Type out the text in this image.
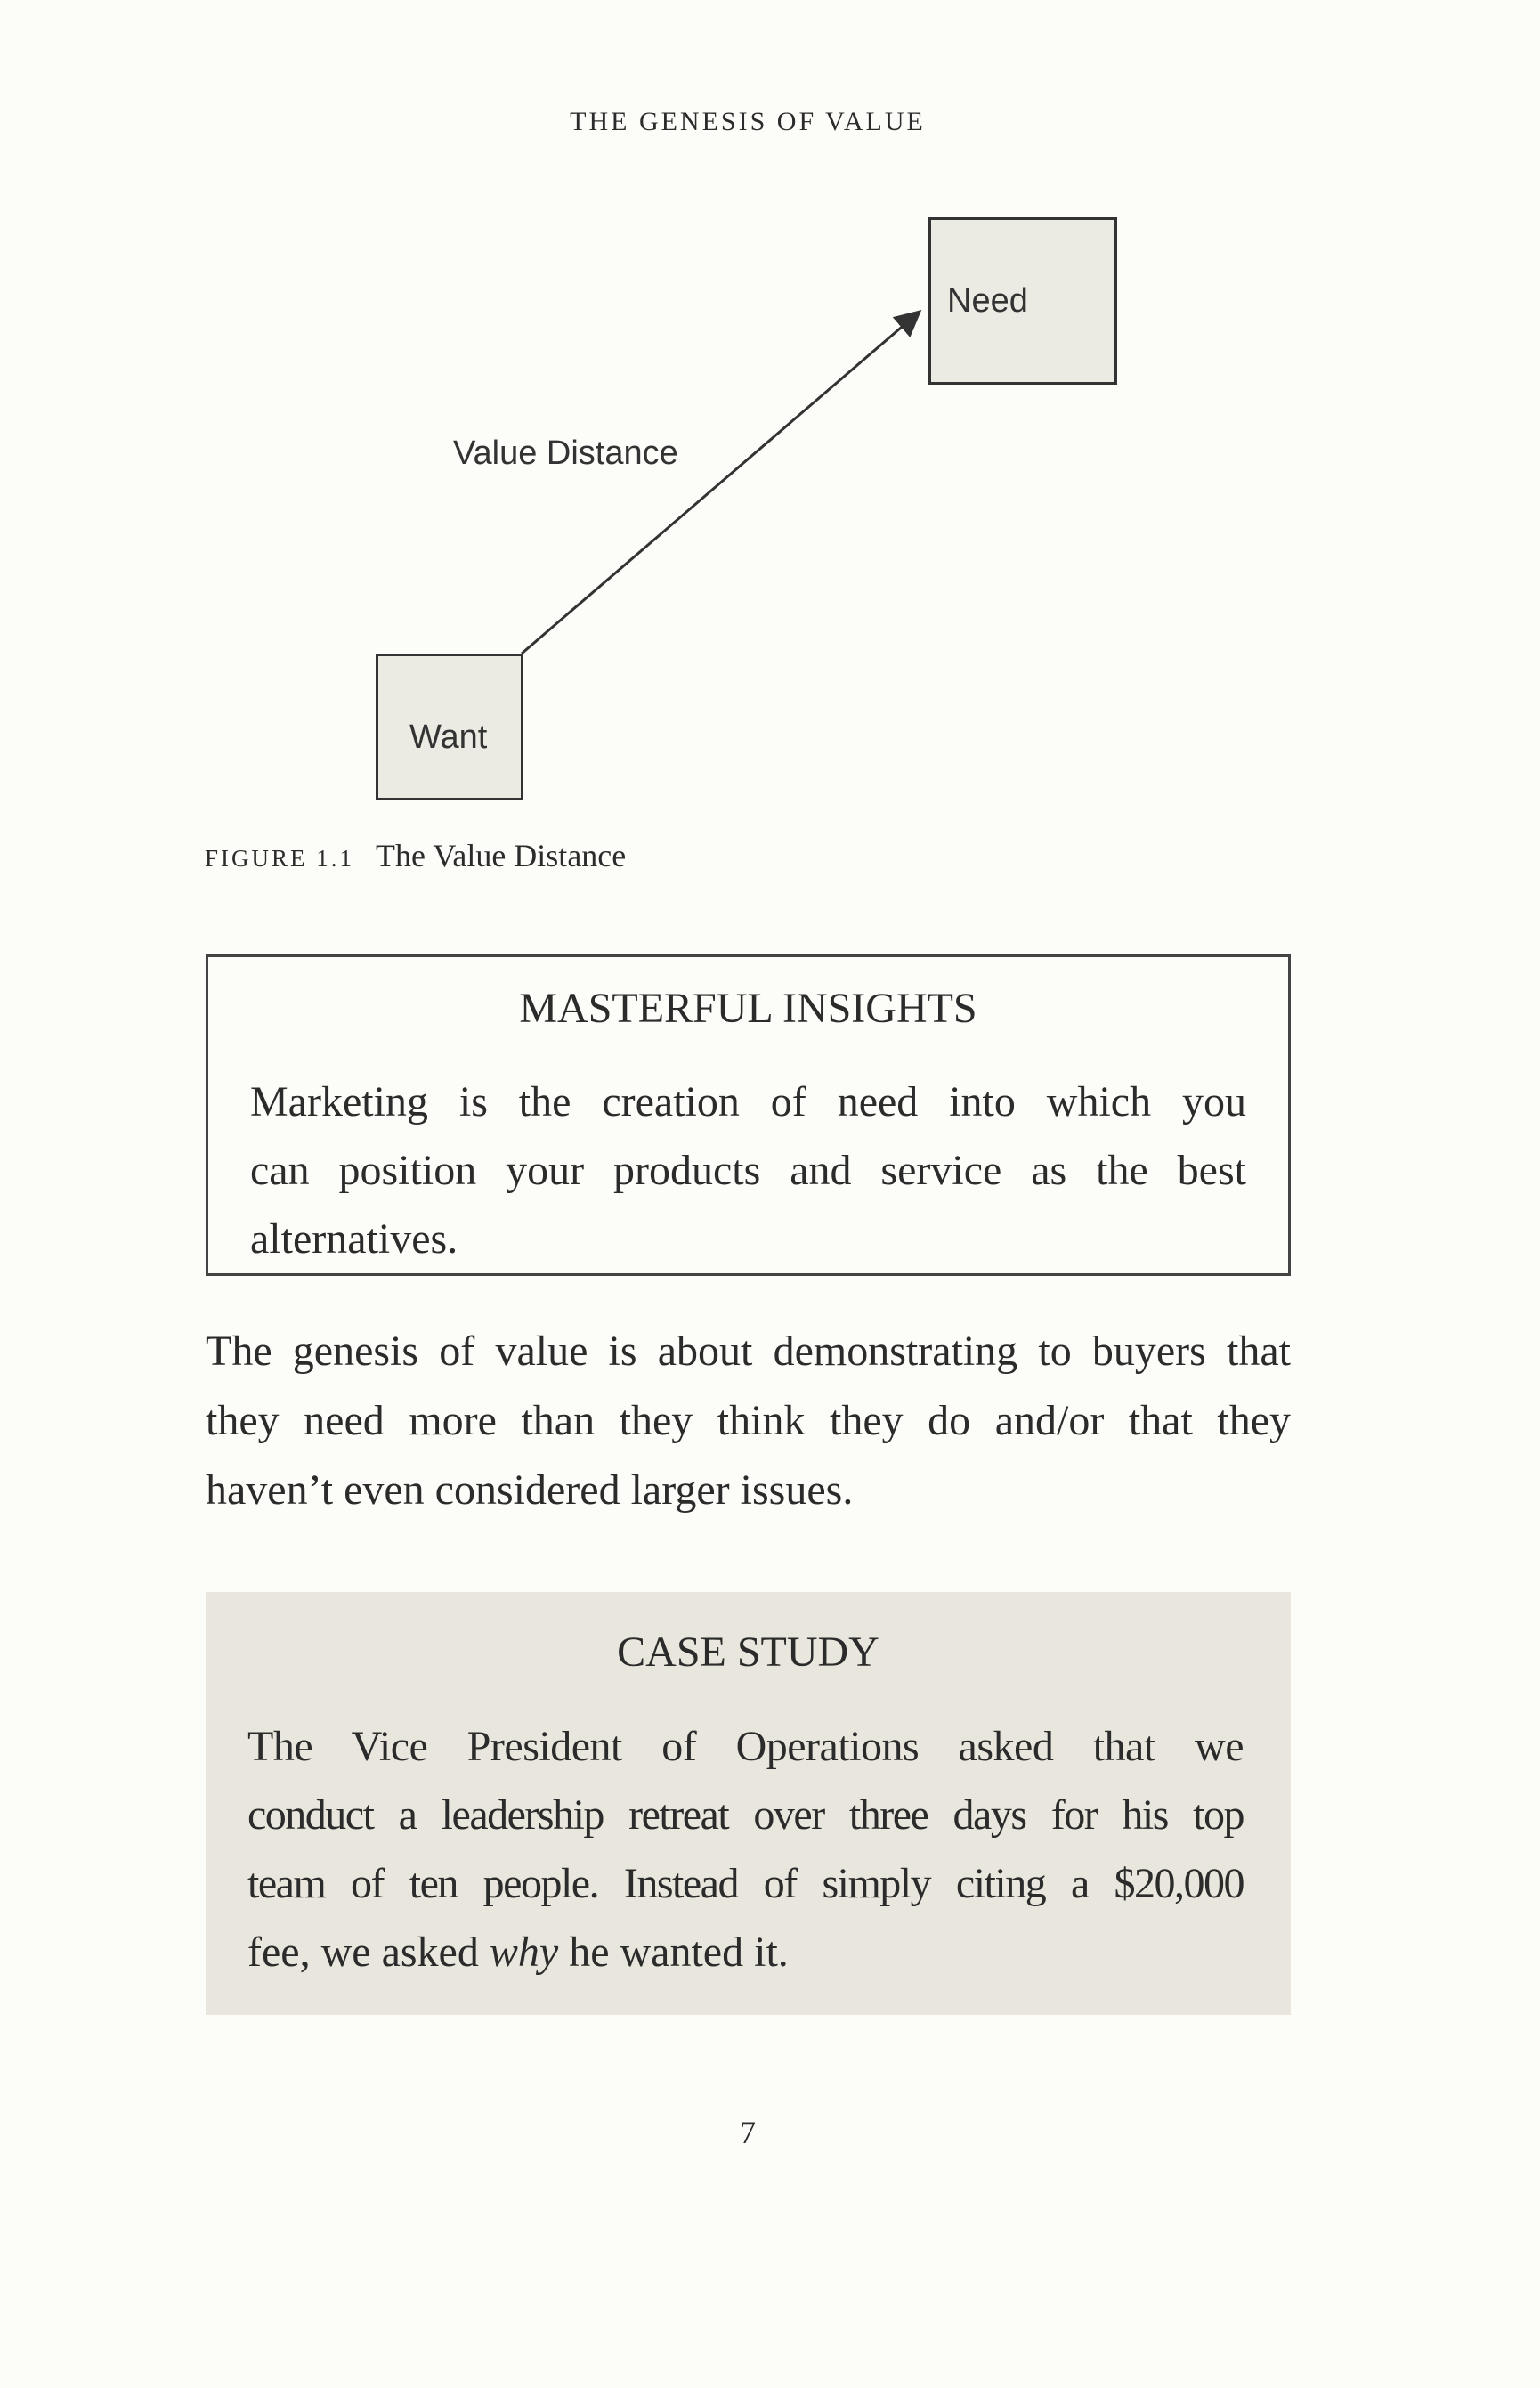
THE GENESIS OF VALUE
Need
Want
Value Distance
FIGURE 1.1 The Value Distance
MASTERFUL INSIGHTS
Marketing is the creation of need into which you
can position your products and service as the best
alternatives.
The genesis of value is about demonstrating to buyers that
they need more than they think they do and/or that they
haven’t even considered larger issues.
CASE STUDY
The Vice President of Operations asked that we
conduct a leadership retreat over three days for his top
team of ten people. Instead of simply citing a $20,000
fee, we asked why he wanted it.
7
